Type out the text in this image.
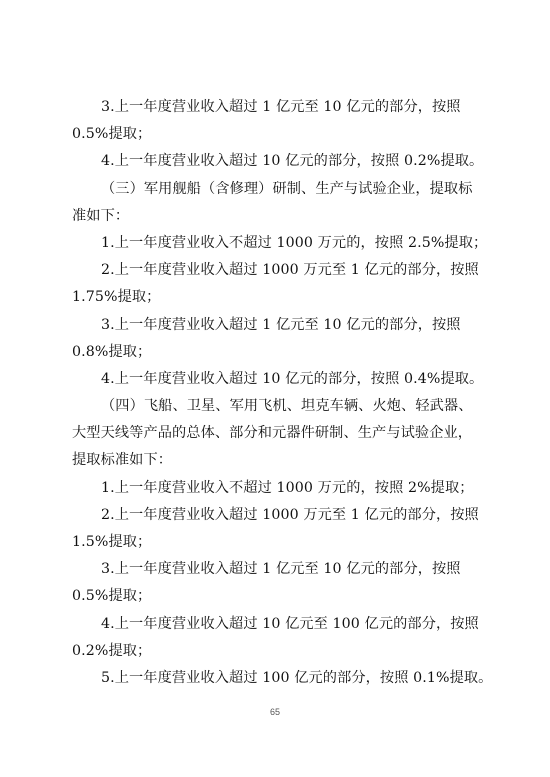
3.上一年度营业收入超过 1 亿元至 10 亿元的部分，按照
0.5%提取；
4.上一年度营业收入超过 10 亿元的部分，按照 0.2%提取。
（三）军用舰船（含修理）研制、生产与试验企业，提取标
准如下：
1.上一年度营业收入不超过 1000 万元的，按照 2.5%提取；
2.上一年度营业收入超过 1000 万元至 1 亿元的部分，按照
1.75%提取；
3.上一年度营业收入超过 1 亿元至 10 亿元的部分，按照
0.8%提取；
4.上一年度营业收入超过 10 亿元的部分，按照 0.4%提取。
（四）飞船、卫星、军用飞机、坦克车辆、火炮、轻武器、
大型天线等产品的总体、部分和元器件研制、生产与试验企业，
提取标准如下：
1.上一年度营业收入不超过 1000 万元的，按照 2%提取；
2.上一年度营业收入超过 1000 万元至 1 亿元的部分，按照
1.5%提取；
3.上一年度营业收入超过 1 亿元至 10 亿元的部分，按照
0.5%提取；
4.上一年度营业收入超过 10 亿元至 100 亿元的部分，按照
0.2%提取；
5.上一年度营业收入超过 100 亿元的部分，按照 0.1%提取。
65
